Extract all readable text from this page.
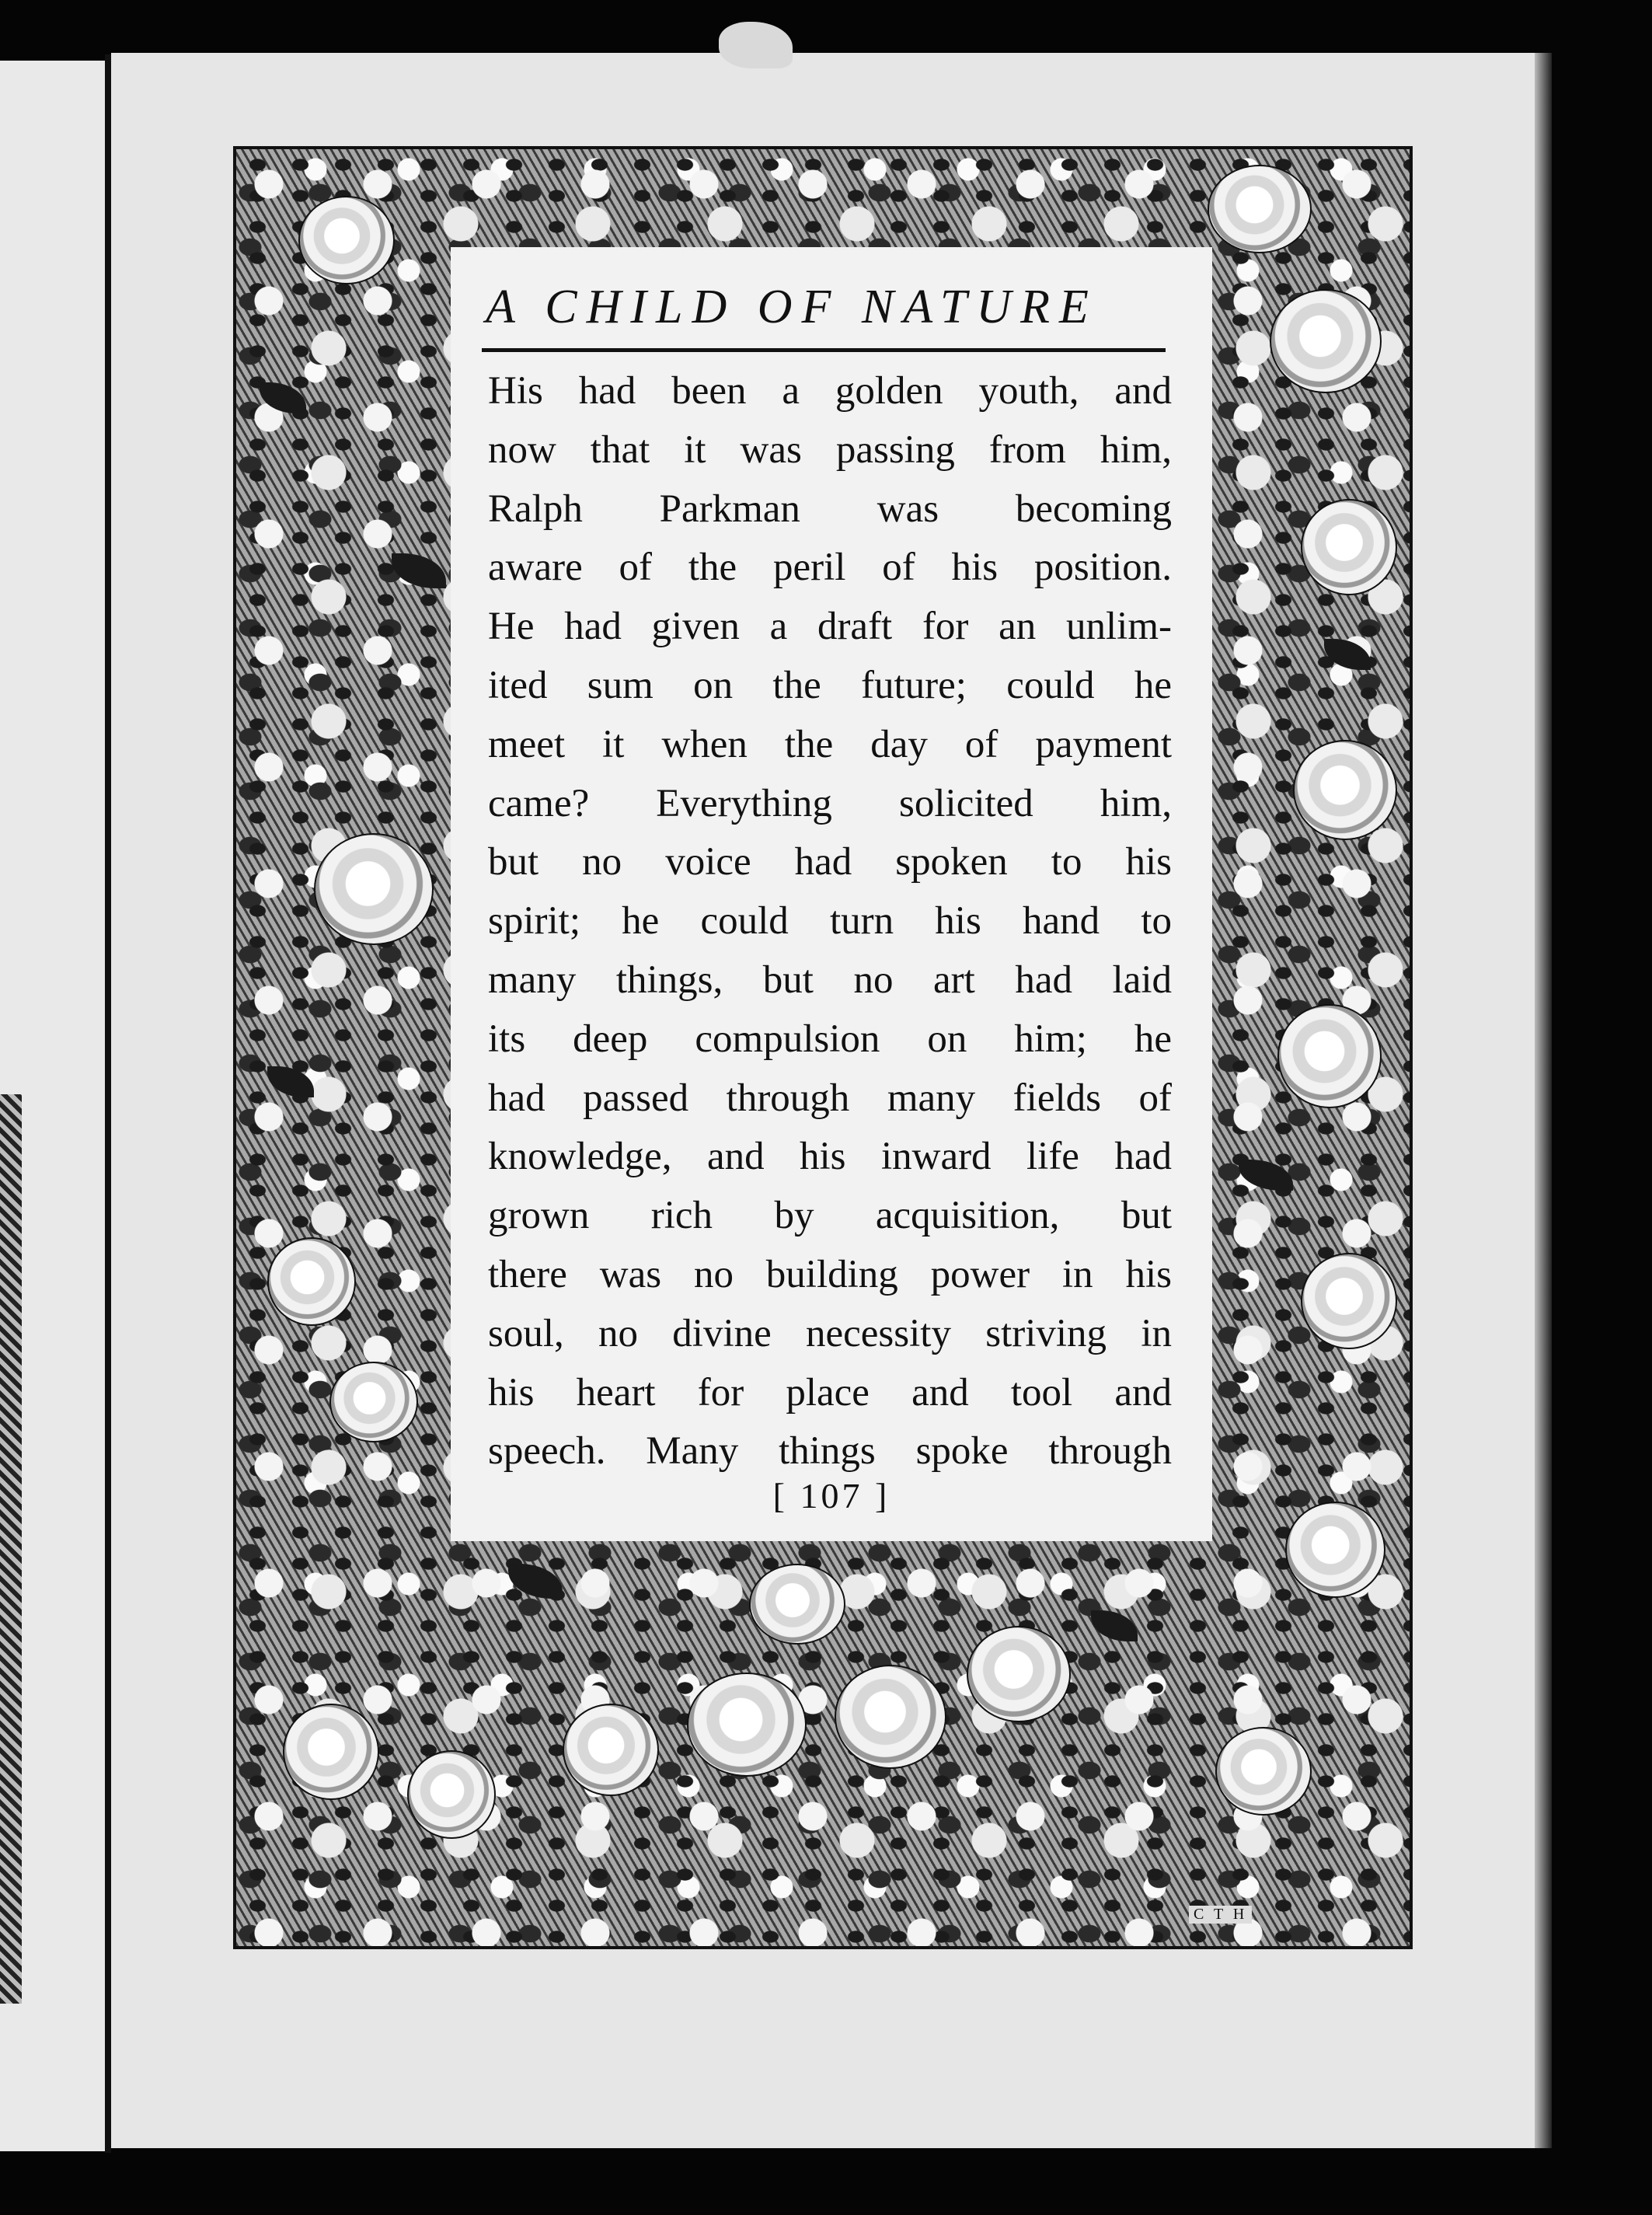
A CHILD OF NATURE
His had been a golden youth, and
now that it was passing from him,
Ralph Parkman was becoming
aware of the peril of his position.
He had given a draft for an unlim-
ited sum on the future; could he
meet it when the day of payment
came? Everything solicited him,
but no voice had spoken to his
spirit; he could turn his hand to
many things, but no art had laid
its deep compulsion on him; he
had passed through many fields of
knowledge, and his inward life had
grown rich by acquisition, but
there was no building power in his
soul, no divine necessity striving in
his heart for place and tool and
speech. Many things spoke through
[ 107 ]
C T H
